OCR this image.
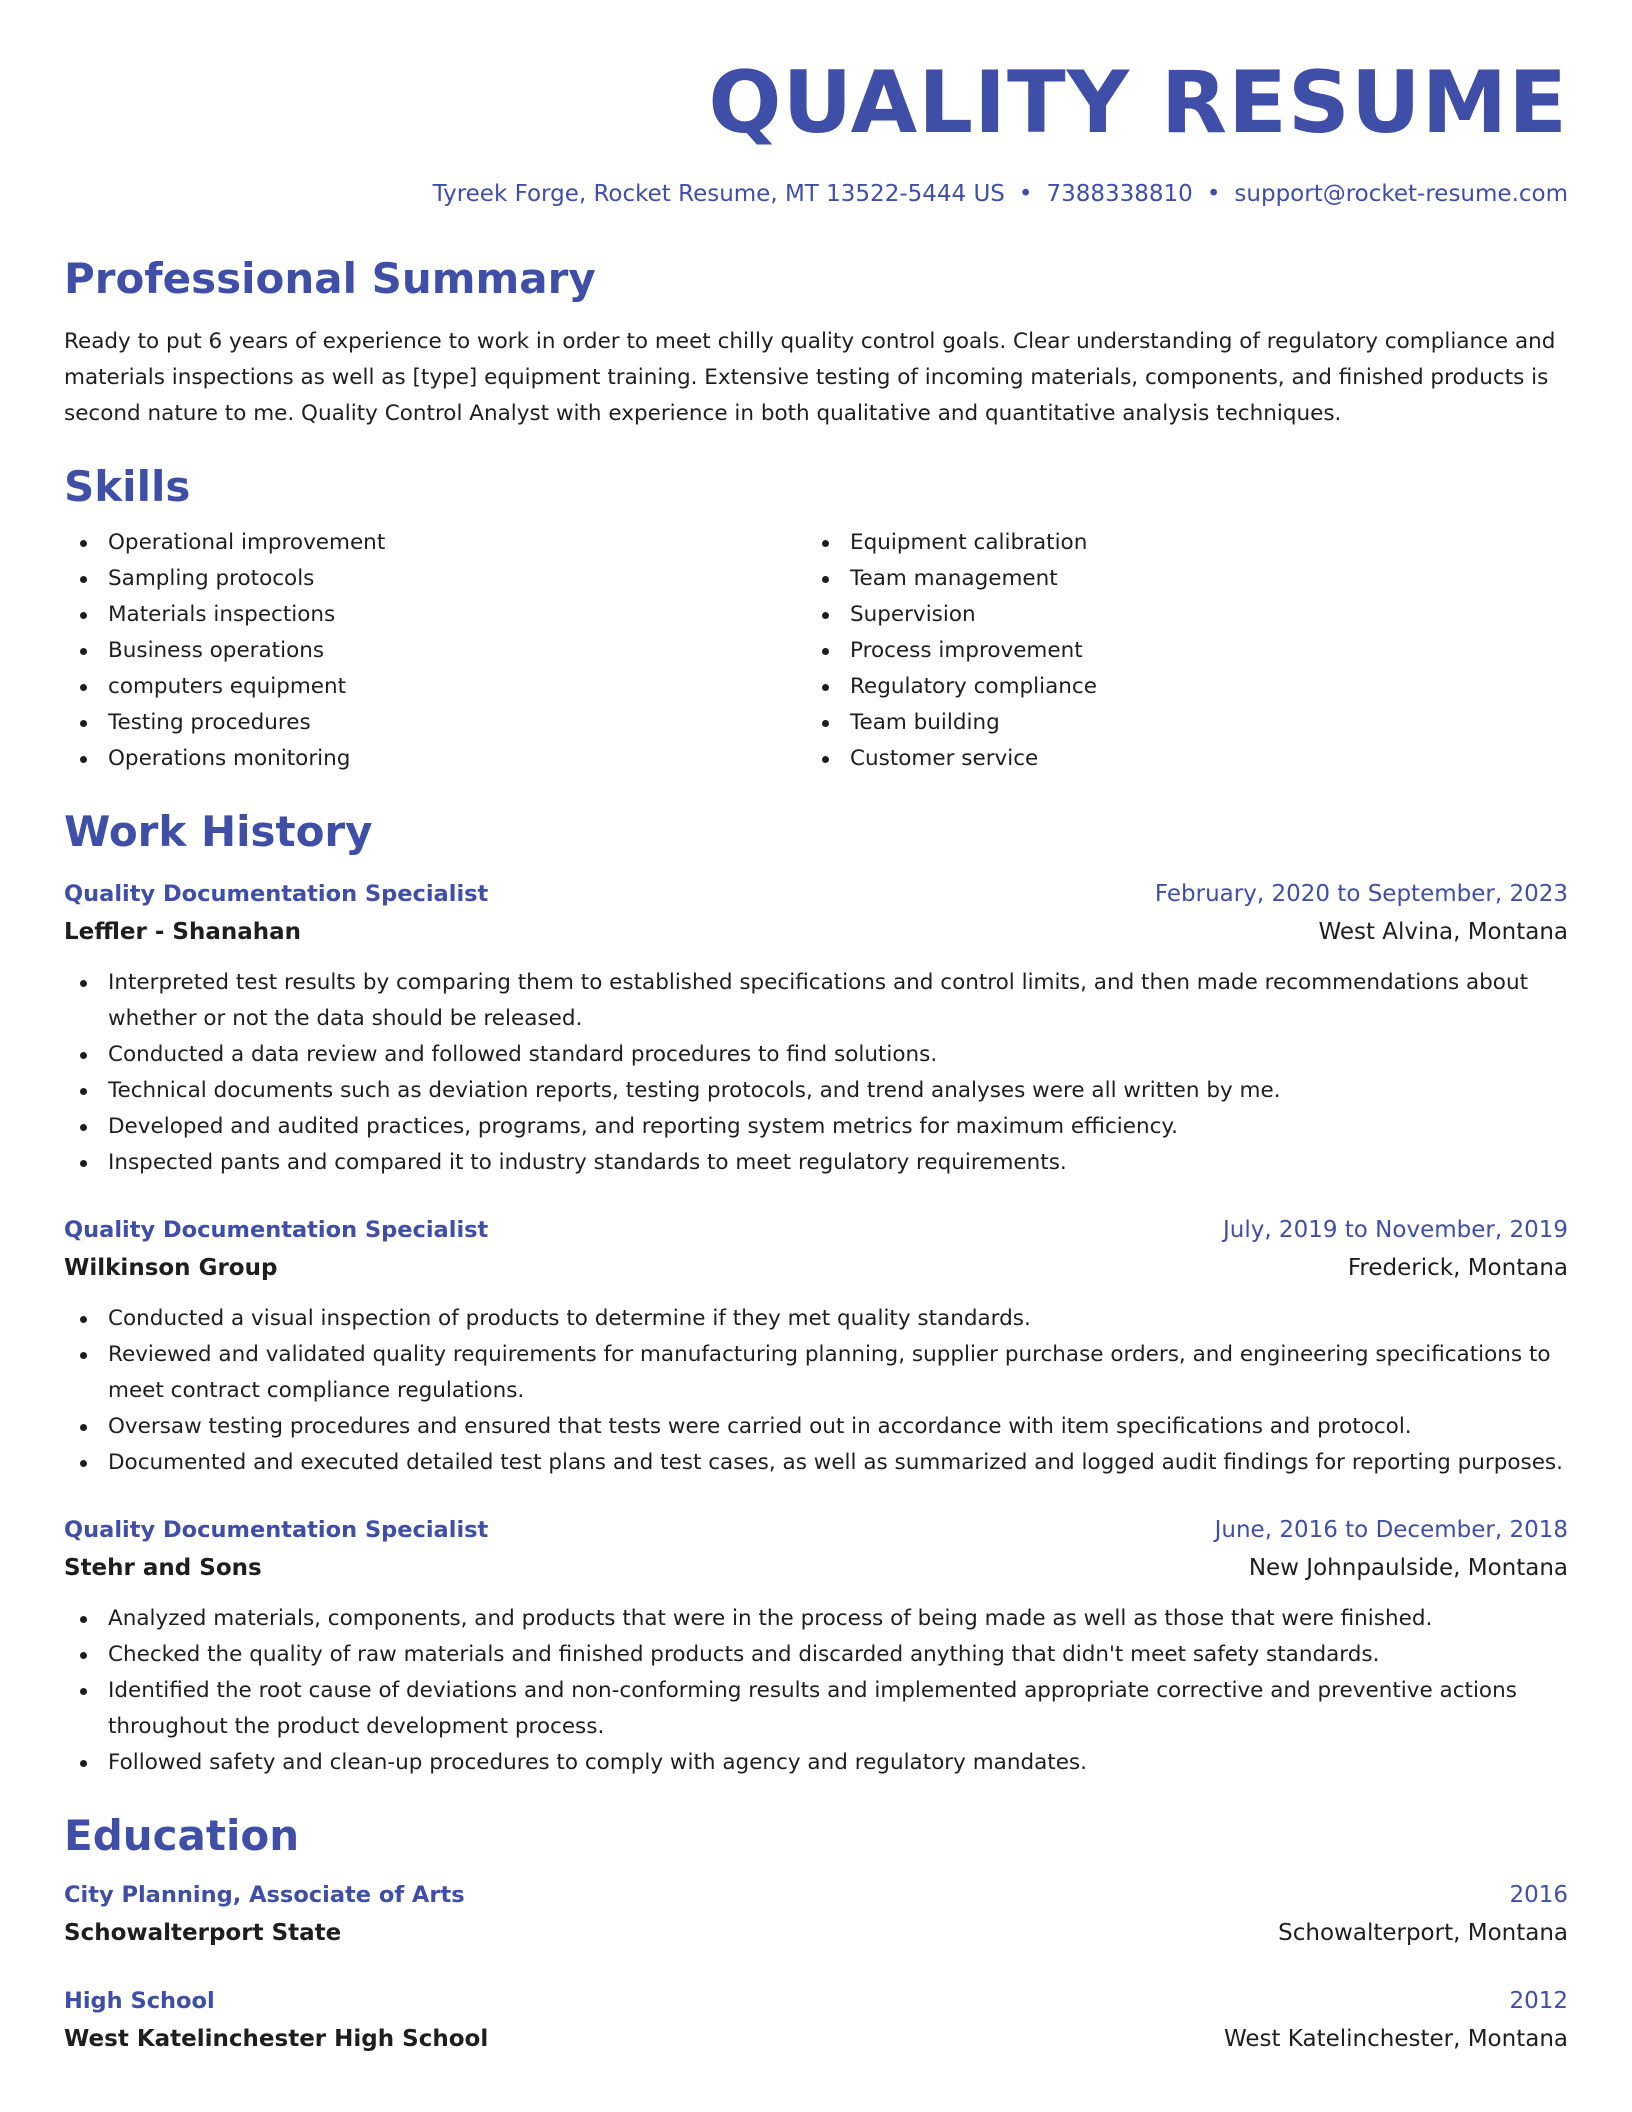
QUALITY RESUME
Tyreek Forge, Rocket Resume, MT 13522-5444 US • 7388338810 • support@rocket-resume.com
Professional Summary

Ready to put 6 years of experience to work in order to meet chilly quality control goals. Clear understanding of regulatory compliance and materials inspections as well as [type] equipment training. Extensive testing of incoming materials, components, and finished products is second nature to me. Quality Control Analyst with experience in both qualitative and quantitative analysis techniques.

Skills
Operational improvement
Sampling protocols
Materials inspections
Business operations
computers equipment
Testing procedures
Operations monitoring
Equipment calibration
Team management
Supervision
Process improvement
Regulatory compliance
Team building
Customer service
Work History
Quality Documentation Specialist	February, 2020 to September, 2023
Leffler - Shanahan	West Alvina, Montana
Interpreted test results by comparing them to established specifications and control limits, and then made recommendations about whether or not the data should be released.
Conducted a data review and followed standard procedures to find solutions.
Technical documents such as deviation reports, testing protocols, and trend analyses were all written by me.
Developed and audited practices, programs, and reporting system metrics for maximum efficiency.
Inspected pants and compared it to industry standards to meet regulatory requirements.
Quality Documentation Specialist	July, 2019 to November, 2019
Wilkinson Group	Frederick, Montana
Conducted a visual inspection of products to determine if they met quality standards.
Reviewed and validated quality requirements for manufacturing planning, supplier purchase orders, and engineering specifications to meet contract compliance regulations.
Oversaw testing procedures and ensured that tests were carried out in accordance with item specifications and protocol.
Documented and executed detailed test plans and test cases, as well as summarized and logged audit findings for reporting purposes.
Quality Documentation Specialist	June, 2016 to December, 2018
Stehr and Sons	New Johnpaulside, Montana
Analyzed materials, components, and products that were in the process of being made as well as those that were finished.
Checked the quality of raw materials and finished products and discarded anything that didn't meet safety standards.
Identified the root cause of deviations and non-conforming results and implemented appropriate corrective and preventive actions throughout the product development process.
Followed safety and clean-up procedures to comply with agency and regulatory mandates.
Education
City Planning, Associate of Arts	2016
Schowalterport State	Schowalterport, Montana
High School	2012
West Katelinchester High School	West Katelinchester, Montana
